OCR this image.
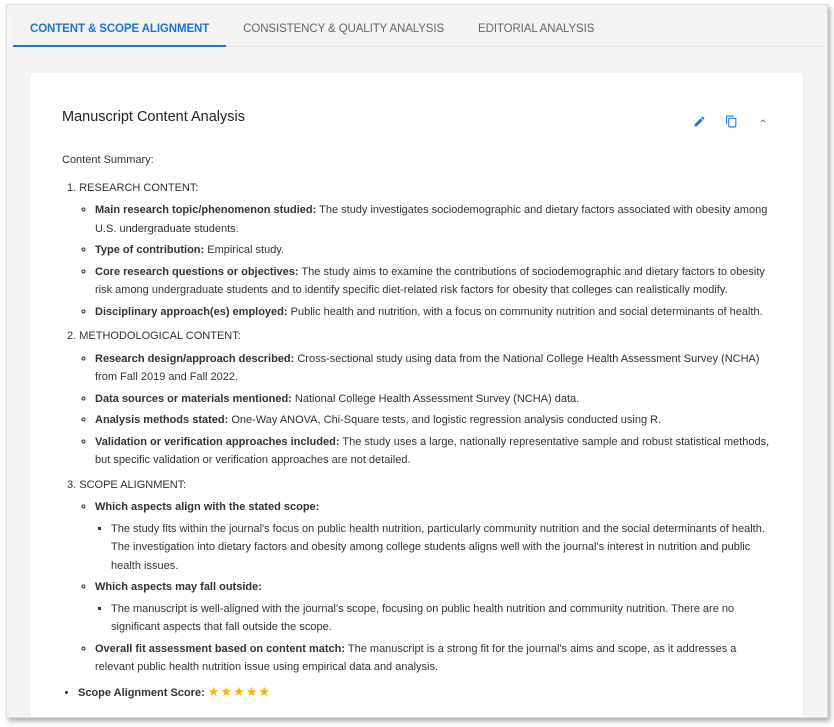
CONTENT & SCOPE ALIGNMENT	CONSISTENCY & QUALITY ANALYSIS	EDITORIAL ANALYSIS
Manuscript Content Analysis
Content Summary:
1. RESEARCH CONTENT:
◦ Main research topic/phenomenon studied: The study investigates sociodemographic and dietary factors associated with obesity among U.S. undergraduate students.
◦ Type of contribution: Empirical study.
◦ Core research questions or objectives: The study aims to examine the contributions of sociodemographic and dietary factors to obesity risk among undergraduate students and to identify specific diet-related risk factors for obesity that colleges can realistically modify.
◦ Disciplinary approach(es) employed: Public health and nutrition, with a focus on community nutrition and social determinants of health.
2. METHODOLOGICAL CONTENT:
◦ Research design/approach described: Cross-sectional study using data from the National College Health Assessment Survey (NCHA) from Fall 2019 and Fall 2022.
◦ Data sources or materials mentioned: National College Health Assessment Survey (NCHA) data.
◦ Analysis methods stated: One-Way ANOVA, Chi-Square tests, and logistic regression analysis conducted using R.
◦ Validation or verification approaches included: The study uses a large, nationally representative sample and robust statistical methods, but specific validation or verification approaches are not detailed.
3. SCOPE ALIGNMENT:
◦ Which aspects align with the stated scope:
▪ The study fits within the journal's focus on public health nutrition, particularly community nutrition and the social determinants of health. The investigation into dietary factors and obesity among college students aligns well with the journal's interest in nutrition and public health issues.
◦ Which aspects may fall outside:
▪ The manuscript is well-aligned with the journal's scope, focusing on public health nutrition and community nutrition. There are no significant aspects that fall outside the scope.
◦ Overall fit assessment based on content match: The manuscript is a strong fit for the journal's aims and scope, as it addresses a relevant public health nutrition issue using empirical data and analysis.
• Scope Alignment Score: ★★★★★
